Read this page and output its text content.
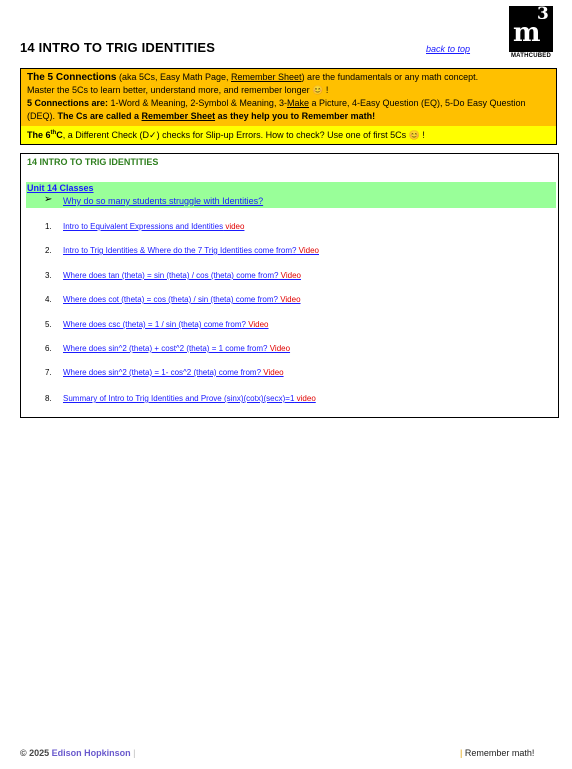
14 INTRO TO TRIG IDENTITIES	back to top
m
3
MATHCUBED
The 5 Connections (aka 5Cs, Easy Math Page, Remember Sheet) are the fundamentals or any math concept.
Master the 5Cs to learn better, understand more, and remember longer 😊 !
5 Connections are: 1-Word & Meaning, 2-Symbol & Meaning, 3-Make a Picture, 4-Easy Question (EQ), 5-Do Easy Question (DEQ). The Cs are called a Remember Sheet as they help you to Remember math!
The 6thC, a Different Check (D✓) checks for Slip-up Errors. How to check? Use one of first 5Cs 😊 !
14 INTRO TO TRIG IDENTITIES
Unit 14 Classes
➢ Why do so many students struggle with Identities?
1.	Intro to Equivalent Expressions and Identities video
2.	Intro to Trig Identities & Where do the 7 Trig Identities come from? Video
3.	Where does tan (theta) = sin (theta) / cos (theta) come from? Video
4.	Where does cot (theta) = cos (theta) / sin (theta) come from? Video
5.	Where does csc (theta) = 1 / sin (theta) come from? Video
6.	Where does sin^2 (theta) + cost^2 (theta) = 1 come from? Video
7.	Where does sin^2 (theta) = 1- cos^2 (theta) come from? Video
8.	Summary of Intro to Trig Identities and Prove (sinx)(cotx)(secx)=1 video
© 2025 Edison Hopkinson |	| Remember math!
